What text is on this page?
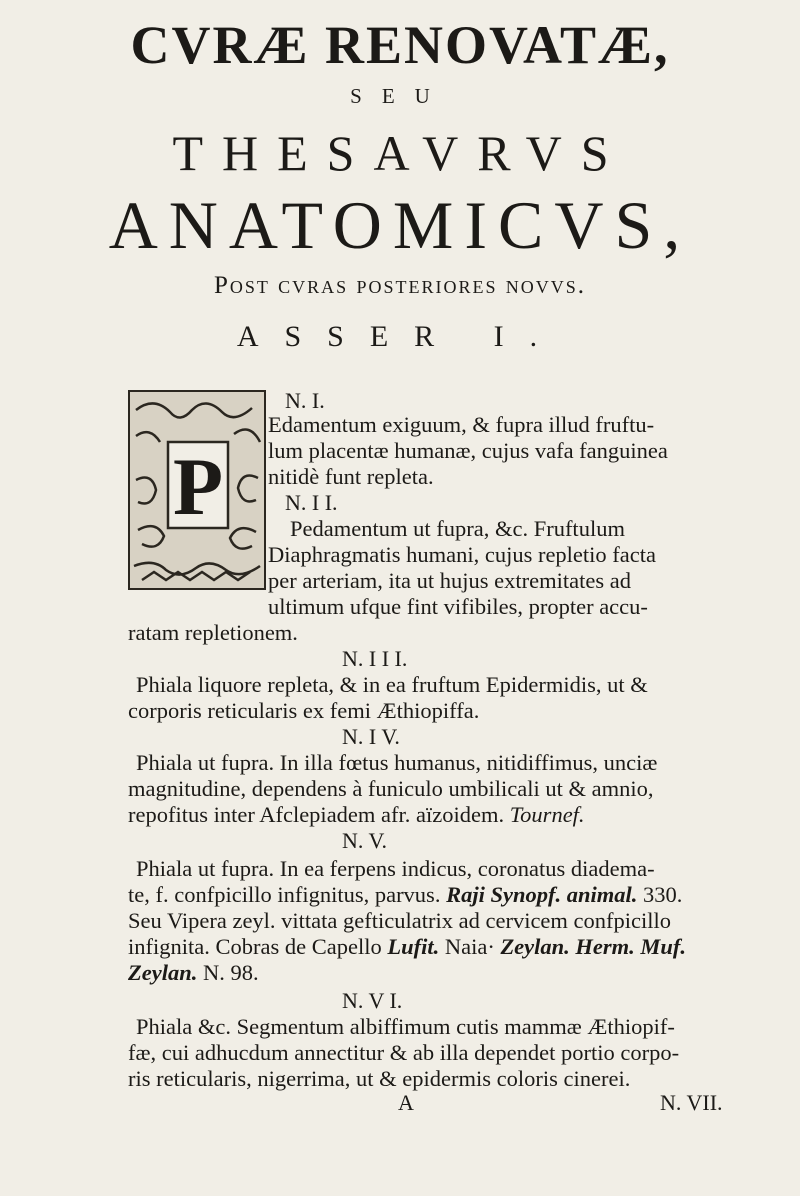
CVRÆ RENOVATÆ,
SEU
THESAVRVS
ANATOMICVS,
Post cvras posteriores novvs.
ASSER I.
P
N. I.
Edamentum exiguum, & fupra illud fruftu-
lum placentæ humanæ, cujus vafa fanguinea
nitidè funt repleta.
N. I I.
Pedamentum ut fupra, &c. Fruftulum
Diaphragmatis humani, cujus repletio facta
per arteriam, ita ut hujus extremitates ad
ultimum ufque fint vifibiles, propter accu-
ratam repletionem.
N. I I I.
Phiala liquore repleta, & in ea fruftum Epidermidis, ut &
corporis reticularis ex femi Æthiopiffa.
N. I V.
Phiala ut fupra. In illa fœtus humanus, nitidiffimus, unciæ
magnitudine, dependens à funiculo umbilicali ut & amnio,
repofitus inter Afclepiadem afr. aïzoidem. Tournef.
N. V.
Phiala ut fupra. In ea ferpens indicus, coronatus diadema-
te, f. confpicillo infignitus, parvus. Raji Synopf. animal. 330.
Seu Vipera zeyl. vittata gefticulatrix ad cervicem confpicillo
infignita. Cobras de Capello Lufit. Naia· Zeylan. Herm. Muf.
Zeylan. N. 98.
N. V I.
Phiala &c. Segmentum albiffimum cutis mammæ Æthiopif-
fæ, cui adhucdum annectitur & ab illa dependet portio corpo-
ris reticularis, nigerrima, ut & epidermis coloris cinerei.
A	N. VII.
